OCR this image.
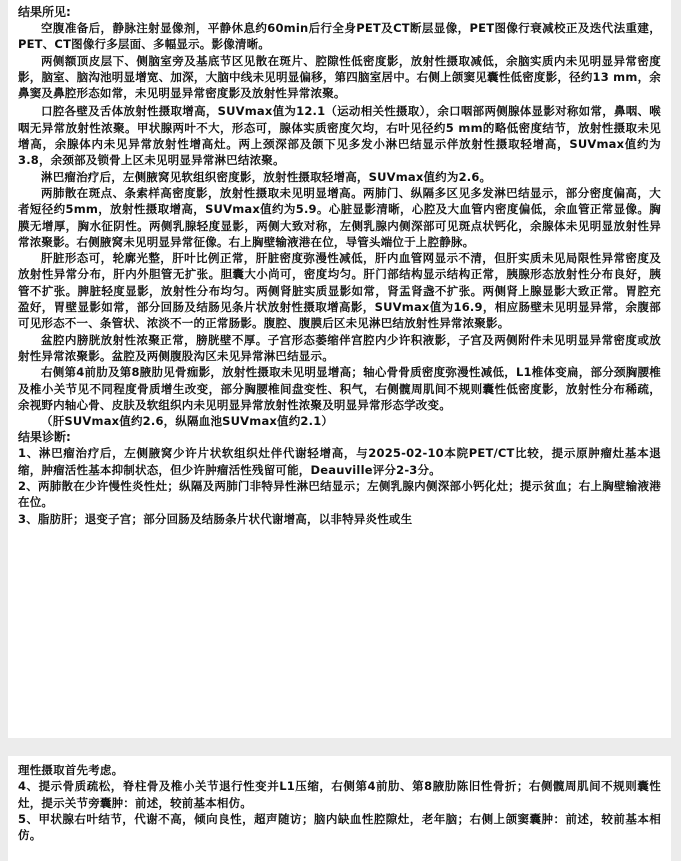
结果所见:

空腹准备后，静脉注射显像剂，平静休息约60min后行全身PET及CT断层显像，PET图像行衰减校正及迭代法重建，PET、CT图像行多层面、多幅显示。影像清晰。

两侧额顶皮层下、侧脑室旁及基底节区见散在斑片、腔隙性低密度影，放射性摄取减低，余脑实质内未见明显异常密度影，脑室、脑沟池明显增宽、加深，大脑中线未见明显偏移，第四脑室居中。右侧上颌窦见囊性低密度影，径约13 mm，余鼻窦及鼻腔形态如常，未见明显异常密度影及放射性异常浓聚。

口腔各壁及舌体放射性摄取增高，SUVmax值为12.1（运动相关性摄取），余口咽部两侧腺体显影对称如常，鼻咽、喉咽无异常放射性浓聚。甲状腺两叶不大，形态可，腺体实质密度欠均，右叶见径约5 mm的略低密度结节，放射性摄取未见增高，余腺体内未见异常放射性增高灶。两上颈深部及颌下见多发小淋巴结显示伴放射性摄取轻增高，SUVmax值约为3.8，余颈部及锁骨上区未见明显异常淋巴结浓聚。

淋巴瘤治疗后，左侧腋窝见软组织密度影，放射性摄取轻增高，SUVmax值约为2.6。

两肺散在斑点、条索样高密度影，放射性摄取未见明显增高。两肺门、纵隔多区见多发淋巴结显示，部分密度偏高，大者短径约5mm，放射性摄取增高，SUVmax值约为5.9。心脏显影清晰，心腔及大血管内密度偏低，余血管正常显像。胸膜无增厚，胸水征阴性。两侧乳腺轻度显影，两侧大致对称，左侧乳腺内侧深部可见斑点状钙化，余腺体未见明显放射性异常浓聚影。右侧腋窝未见明显异常征像。右上胸壁输液港在位，导管头端位于上腔静脉。

肝脏形态可，轮廓光整，肝叶比例正常，肝脏密度弥漫性减低，肝内血管网显示不清，但肝实质未见局限性异常密度及放射性异常分布，肝内外胆管无扩张。胆囊大小尚可，密度均匀。肝门部结构显示结构正常，胰腺形态放射性分布良好，胰管不扩张。脾脏轻度显影，放射性分布均匀。两侧肾脏实质显影如常，肾盂肾盏不扩张。两侧肾上腺显影大致正常。胃腔充盈好，胃壁显影如常，部分回肠及结肠见条片状放射性摄取增高影，SUVmax值为16.9，相应肠壁未见明显异常，余腹部可见形态不一、条管状、浓淡不一的正常肠影。腹腔、腹膜后区未见淋巴结放射性异常浓聚影。

盆腔内膀胱放射性浓聚正常，膀胱壁不厚。子宫形态萎缩伴宫腔内少许积液影，子宫及两侧附件未见明显异常密度或放射性异常浓聚影。盆腔及两侧腹股沟区未见异常淋巴结显示。

右侧第4前肋及第8腋肋见骨痂影，放射性摄取未见明显增高；轴心骨骨质密度弥漫性减低，L1椎体变扁，部分颈胸腰椎及椎小关节见不同程度骨质增生改变，部分胸腰椎间盘变性、积气，右侧髋周肌间不规则囊性低密度影，放射性分布稀疏，余视野内轴心骨、皮肤及软组织内未见明显异常放射性浓聚及明显异常形态学改变。

（肝SUVmax值约2.6，纵隔血池SUVmax值约2.1）

结果诊断:

1、淋巴瘤治疗后，左侧腋窝少许片状软组织灶伴代谢轻增高，与2025-02-10本院PET/CT比较，提示原肿瘤灶基本退缩，肿瘤活性基本抑制状态，但少许肿瘤活性残留可能，Deauville评分2-3分。

2、两肺散在少许慢性炎性灶；纵隔及两肺门非特异性淋巴结显示；左侧乳腺内侧深部小钙化灶；提示贫血；右上胸壁输液港在位。

3、脂肪肝；退变子宫；部分回肠及结肠条片状代谢增高，以非特异炎性或生

理性摄取首先考虑。

4、提示骨质疏松，脊柱骨及椎小关节退行性变并L1压缩，右侧第4前肋、第8腋肋陈旧性骨折；右侧髋周肌间不规则囊性灶，提示关节旁囊肿：前述，较前基本相仿。

5、甲状腺右叶结节，代谢不高，倾向良性，超声随访；脑内缺血性腔隙灶，老年脑；右侧上颌窦囊肿：前述，较前基本相仿。
